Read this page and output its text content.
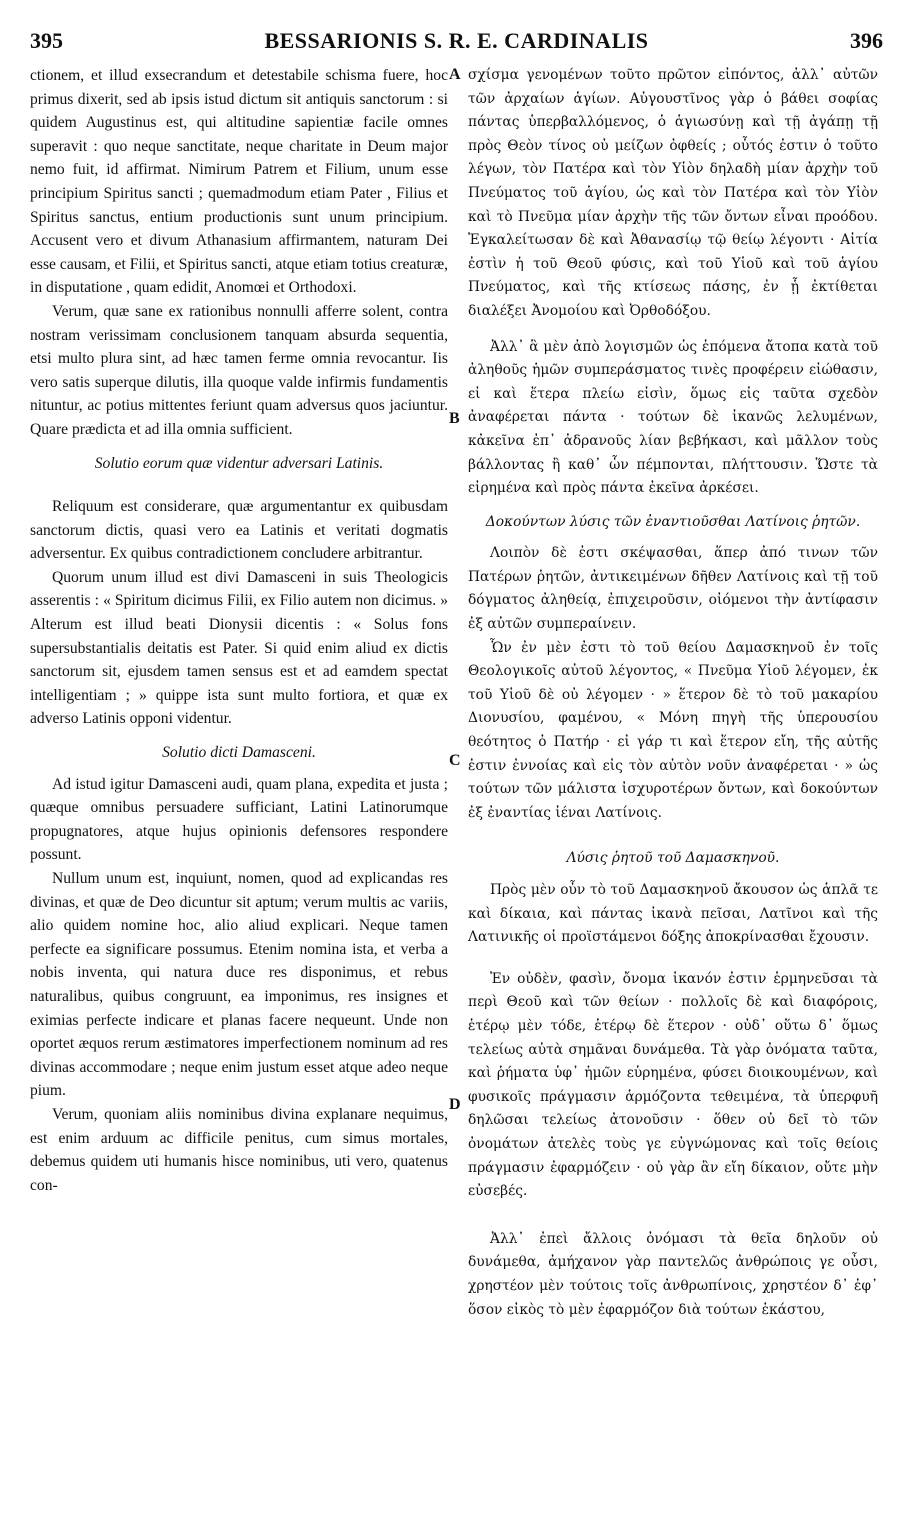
395	BESSARIONIS S. R. E. CARDINALIS	396
A
B
C
D

ctionem, et illud exsecrandum et detestabile schisma fuere, hoc primus dixerit, sed ab ipsis istud dictum sit antiquis sanctorum : si quidem Augustinus est, qui altitudine sapientiæ facile omnes superavit : quo neque sanctitate, neque charitate in Deum major nemo fuit, id affirmat. Nimirum Patrem et Filium, unum esse principium Spiritus sancti ; quemadmodum etiam Pater , Filius et Spiritus sanctus, entium productionis sunt unum principium. Accusent vero et divum Athanasium affirmantem, naturam Dei esse causam, et Filii, et Spiritus sancti, atque etiam totius creaturæ, in disputatione , quam edidit, Anomœi et Orthodoxi.

Verum, quæ sane ex rationibus nonnulli afferre solent, contra nostram verissimam conclusionem tanquam absurda sequentia, etsi multo plura sint, ad hæc tamen ferme omnia revocantur. Iis vero satis superque dilutis, illa quoque valde infirmis fundamentis nituntur, ac potius mittentes feriunt quam adversus quos jaciuntur. Quare prædicta et ad illa omnia sufficient.

Solutio eorum quæ videntur adversari Latinis.

Reliquum est considerare, quæ argumentantur ex quibusdam sanctorum dictis, quasi vero ea Latinis et veritati dogmatis adversentur. Ex quibus contradictionem concludere arbitrantur.

Quorum unum illud est divi Damasceni in suis Theologicis asserentis : « Spiritum dicimus Filii, ex Filio autem non dicimus. » Alterum est illud beati Dionysii dicentis : « Solus fons supersubstantialis deitatis est Pater. Si quid enim aliud ex dictis sanctorum sit, ejusdem tamen sensus est et ad eamdem spectat intelligentiam ; » quippe ista sunt multo fortiora, et quæ ex adverso Latinis opponi videntur.

Solutio dicti Damasceni.

Ad istud igitur Damasceni audi, quam plana, expedita et justa ; quæque omnibus persuadere sufficiant, Latini Latinorumque propugnatores, atque hujus opinionis defensores respondere possunt.

Nullum unum est, inquiunt, nomen, quod ad explicandas res divinas, et quæ de Deo dicuntur sit aptum; verum multis ac variis, alio quidem nomine hoc, alio aliud explicari. Neque tamen perfecte ea significare possumus. Etenim nomina ista, et verba a nobis inventa, qui natura duce res disponimus, et rebus naturalibus, quibus congruunt, ea imponimus, res insignes et eximias perfecte indicare et planas facere nequeunt. Unde non oportet æquos rerum æstimatores imperfectionem nominum ad res divinas accommodare ; neque enim justum esset atque adeo neque pium.

Verum, quoniam aliis nominibus divina explanare nequimus, est enim arduum ac difficile penitus, cum simus mortales, debemus quidem uti humanis hisce nominibus, uti vero, quatenus con-

σχίσμα γενομένων τοῦτο πρῶτον εἰπόντος, ἀλλ᾽ αὐτῶν τῶν ἀρχαίων ἁγίων. Αὐγουστῖνος γὰρ ὁ βάθει σοφίας πάντας ὑπερβαλλόμενος, ὁ ἁγιωσύνῃ καὶ τῇ ἀγάπῃ τῇ πρὸς Θεὸν τίνος οὐ μείζων ὀφθείς ; οὗτός ἐστιν ὁ τοῦτο λέγων, τὸν Πατέρα καὶ τὸν Υἱὸν δηλαδὴ μίαν ἀρχὴν τοῦ Πνεύματος τοῦ ἁγίου, ὡς καὶ τὸν Πατέρα καὶ τὸν Υἱὸν καὶ τὸ Πνεῦμα μίαν ἀρχὴν τῆς τῶν ὄντων εἶναι προόδου. Ἐγκαλείτωσαν δὲ καὶ Ἀθανασίῳ τῷ θείῳ λέγοντι · Αἰτία ἐστὶν ἡ τοῦ Θεοῦ φύσις, καὶ τοῦ Υἱοῦ καὶ τοῦ ἁγίου Πνεύματος, καὶ τῆς κτίσεως πάσης, ἐν ᾗ ἐκτίθεται διαλέξει Ἀνομοίου καὶ Ὀρθοδόξου.

Ἀλλ᾽ ἃ μὲν ἀπὸ λογισμῶν ὡς ἑπόμενα ἄτοπα κατὰ τοῦ ἀληθοῦς ἡμῶν συμπεράσματος τινὲς προφέρειν εἰώθασιν, εἰ καὶ ἕτερα πλείω εἰσὶν, ὅμως εἰς ταῦτα σχεδὸν ἀναφέρεται πάντα · τούτων δὲ ἱκανῶς λελυμένων, κἀκεῖνα ἐπ᾽ ἀδρανοῦς λίαν βεβήκασι, καὶ μᾶλλον τοὺς βάλλοντας ἢ καθ᾽ ὧν πέμπονται, πλήττουσιν. Ὥστε τὰ εἰρημένα καὶ πρὸς πάντα ἐκεῖνα ἀρκέσει.

Δοκούντων λύσις τῶν ἐναντιοῦσθαι Λατίνοις ῥητῶν.

Λοιπὸν δὲ ἐστι σκέψασθαι, ἅπερ ἀπό τινων τῶν Πατέρων ῥητῶν, ἀντικειμένων δῆθεν Λατίνοις καὶ τῇ τοῦ δόγματος ἀληθείᾳ, ἐπιχειροῦσιν, οἰόμενοι τὴν ἀντίφασιν ἐξ αὐτῶν συμπεραίνειν.

Ὧν ἐν μὲν ἐστι τὸ τοῦ θείου Δαμασκηνοῦ ἐν τοῖς Θεολογικοῖς αὐτοῦ λέγοντος, « Πνεῦμα Υἱοῦ λέγομεν, ἐκ τοῦ Υἱοῦ δὲ οὐ λέγομεν · » ἕτερον δὲ τὸ τοῦ μακαρίου Διονυσίου, φαμένου, « Μόνη πηγὴ τῆς ὑπερουσίου θεότητος ὁ Πατήρ · εἰ γάρ τι καὶ ἕτερον εἴη, τῆς αὐτῆς ἐστιν ἐννοίας καὶ εἰς τὸν αὐτὸν νοῦν ἀναφέρεται · » ὡς τούτων τῶν μάλιστα ἰσχυροτέρων ὄντων, καὶ δοκούντων ἐξ ἐναντίας ἰέναι Λατίνοις.

Λύσις ῥητοῦ τοῦ Δαμασκηνοῦ.

Πρὸς μὲν οὖν τὸ τοῦ Δαμασκηνοῦ ἄκουσον ὡς ἁπλᾶ τε καὶ δίκαια, καὶ πάντας ἱκανὰ πεῖσαι, Λατῖνοι καὶ τῆς Λατινικῆς οἱ προϊστάμενοι δόξης ἀποκρίνασθαι ἔχουσιν.

Ἐν οὐδὲν, φασὶν, ὄνομα ἱκανόν ἐστιν ἑρμηνεῦσαι τὰ περὶ Θεοῦ καὶ τῶν θείων · πολλοῖς δὲ καὶ διαφόροις, ἑτέρῳ μὲν τόδε, ἑτέρῳ δὲ ἕτερον · οὐδ᾽ οὕτω δ᾽ ὅμως τελείως αὐτὰ σημᾶναι δυνάμεθα. Τὰ γὰρ ὀνόματα ταῦτα, καὶ ῥήματα ὑφ᾽ ἡμῶν εὑρημένα, φύσει διοικουμένων, καὶ φυσικοῖς πράγμασιν ἁρμόζοντα τεθειμένα, τὰ ὑπερφυῆ δηλῶσαι τελείως ἀτονοῦσιν · ὅθεν οὐ δεῖ τὸ τῶν ὀνομάτων ἀτελὲς τοὺς γε εὐγνώμονας καὶ τοῖς θείοις πράγμασιν ἐφαρμόζειν · οὐ γὰρ ἂν εἴη δίκαιον, οὔτε μὴν εὐσεβές.

Ἀλλ᾽ ἐπεὶ ἄλλοις ὀνόμασι τὰ θεῖα δηλοῦν οὐ δυνάμεθα, ἀμήχανον γὰρ παντελῶς ἀνθρώποις γε οὖσι, χρηστέον μὲν τούτοις τοῖς ἀνθρωπίνοις, χρηστέον δ᾽ ἐφ᾽ ὅσον εἰκὸς τὸ μὲν ἐφαρμόζον διὰ τούτων ἑκάστου,
